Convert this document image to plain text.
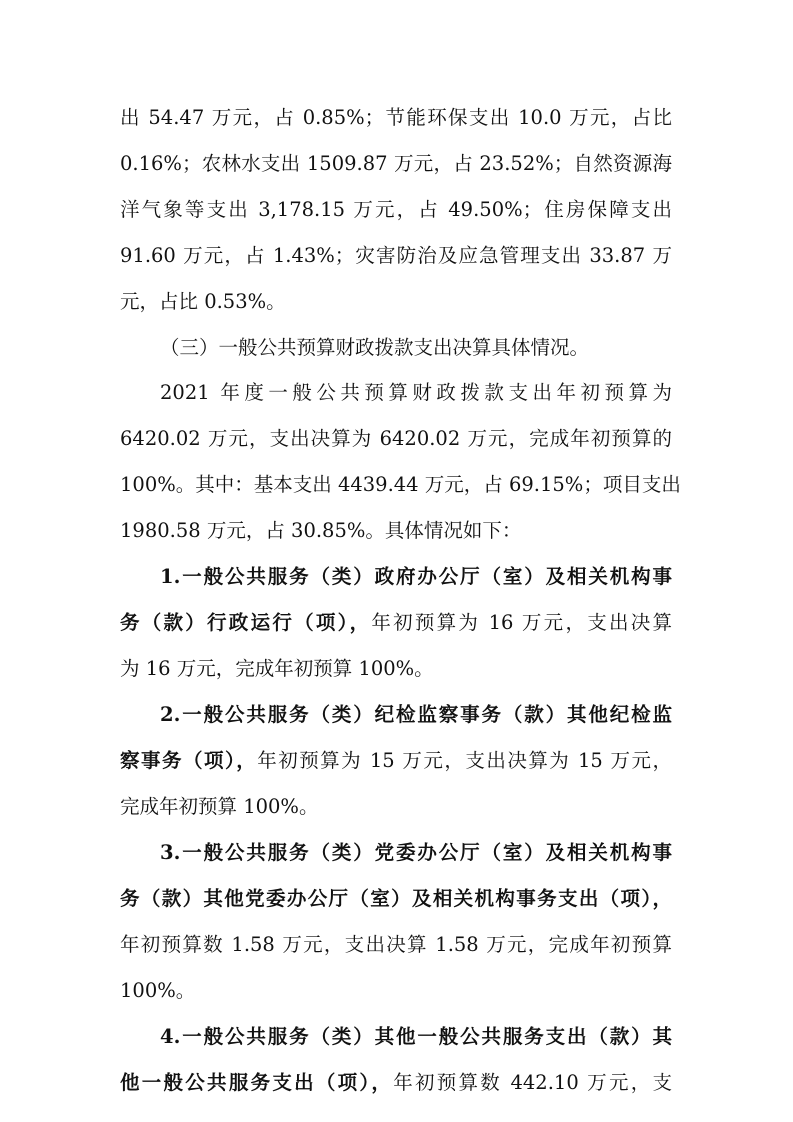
出 54.47 万元，占 0.85%；节能环保支出 10.0 万元，占比
0.16%；农林水支出 1509.87 万元，占 23.52%；自然资源海
洋气象等支出 3,178.15 万元，占 49.50%；住房保障支出
91.60 万元，占 1.43%；灾害防治及应急管理支出 33.87 万
元，占比 0.53%。
（三）一般公共预算财政拨款支出决算具体情况。
2021 年度一般公共预算财政拨款支出年初预算为
6420.02 万元，支出决算为 6420.02 万元，完成年初预算的
100%。其中：基本支出 4439.44 万元，占 69.15%；项目支出
1980.58 万元，占 30.85%。具体情况如下：
1.一般公共服务（类）政府办公厅（室）及相关机构事
务（款）行政运行（项），年初预算为 16 万元，支出决算
为 16 万元，完成年初预算 100%。
2.一般公共服务（类）纪检监察事务（款）其他纪检监
察事务（项），年初预算为 15 万元，支出决算为 15 万元，
完成年初预算 100%。
3.一般公共服务（类）党委办公厅（室）及相关机构事
务（款）其他党委办公厅（室）及相关机构事务支出（项），
年初预算数 1.58 万元，支出决算 1.58 万元，完成年初预算
100%。
4.一般公共服务（类）其他一般公共服务支出（款）其
他一般公共服务支出（项），年初预算数 442.10 万元，支
